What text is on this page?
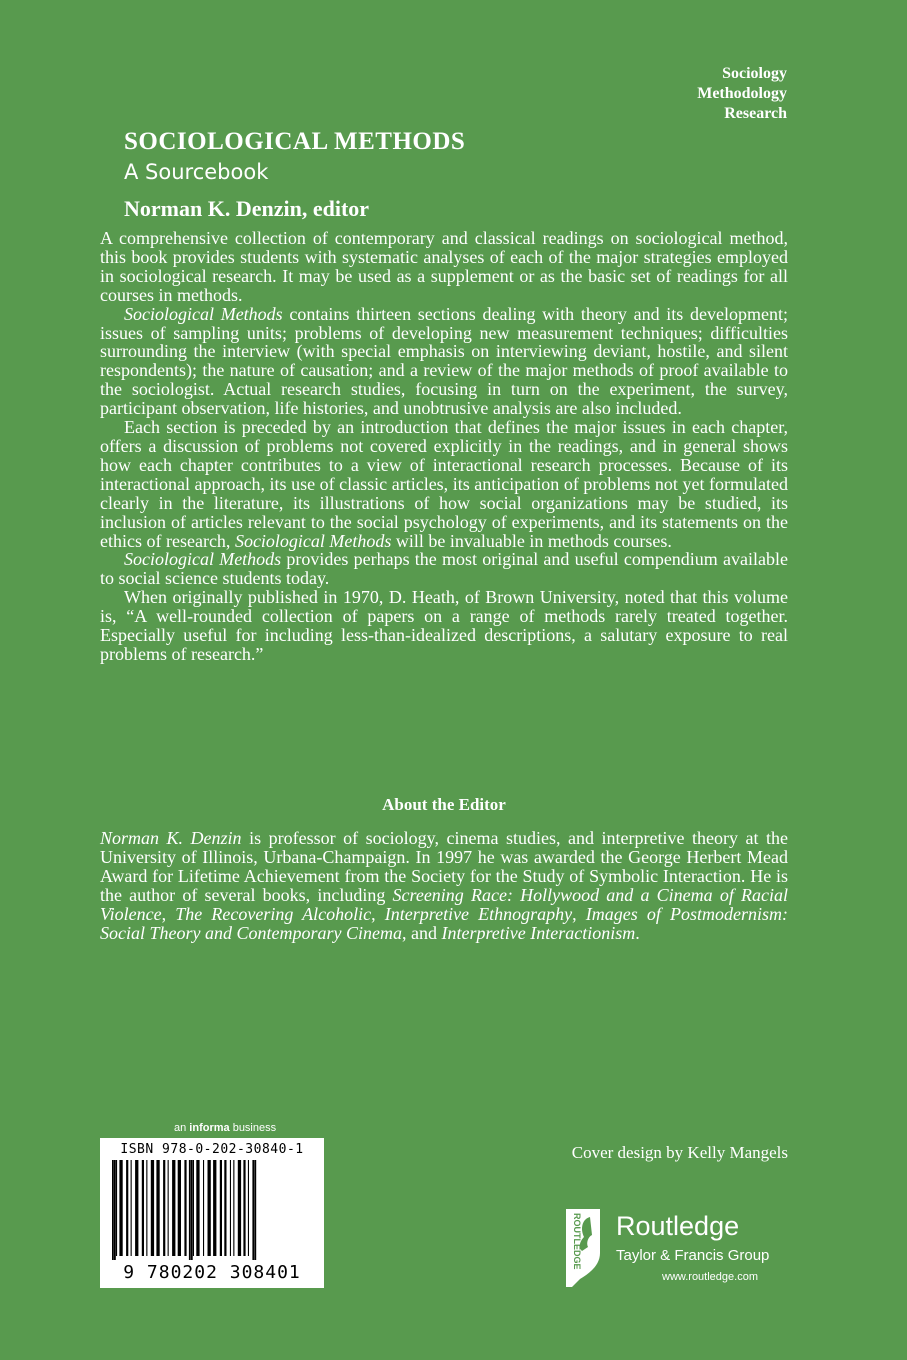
Sociology
Methodology
Research
SOCIOLOGICAL METHODS
A Sourcebook
Norman K. Denzin, editor

A comprehensive collection of contemporary and classical readings on sociological method, this book provides students with systematic analyses of each of the major strategies employed in sociological research. It may be used as a supplement or as the basic set of readings for all courses in methods.

Sociological Methods contains thirteen sections dealing with theory and its development; issues of sampling units; problems of developing new measurement techniques; difficulties surrounding the interview (with special emphasis on interviewing deviant, hostile, and silent respondents); the nature of causation; and a review of the major methods of proof available to the sociologist. Actual research studies, focusing in turn on the experiment, the survey, participant observation, life histories, and unobtrusive analysis are also included.

Each section is preceded by an introduction that defines the major issues in each chapter, offers a discussion of problems not covered explicitly in the readings, and in general shows how each chapter contributes to a view of interactional research processes. Because of its interactional approach, its use of classic articles, its anticipation of problems not yet formulated clearly in the literature, its illustrations of how social organizations may be studied, its inclusion of articles relevant to the social psychology of experiments, and its statements on the ethics of research, Sociological Methods will be invaluable in methods courses.

Sociological Methods provides perhaps the most original and useful compendium available to social science students today.

When originally published in 1970, D. Heath, of Brown University, noted that this volume is, “A well-rounded collection of papers on a range of methods rarely treated together. Especially useful for including less-than-idealized descriptions, a salutary exposure to real problems of research.”

About the Editor

Norman K. Denzin is professor of sociology, cinema studies, and interpretive theory at the University of Illinois, Urbana-Champaign. In 1997 he was awarded the George Herbert Mead Award for Lifetime Achievement from the Society for the Study of Symbolic Interaction. He is the author of several books, including Screening Race: Hollywood and a Cinema of Racial Violence, The Recovering Alcoholic, Interpretive Ethnography, Images of Postmodernism: Social Theory and Contemporary Cinema, and Interpretive Interactionism.

an informa business
ISBN 978-0-202-30840-1
9 780202 308401
Cover design by Kelly Mangels
ROUTLEDGE Routledge
Taylor & Francis Group
www.routledge.com
